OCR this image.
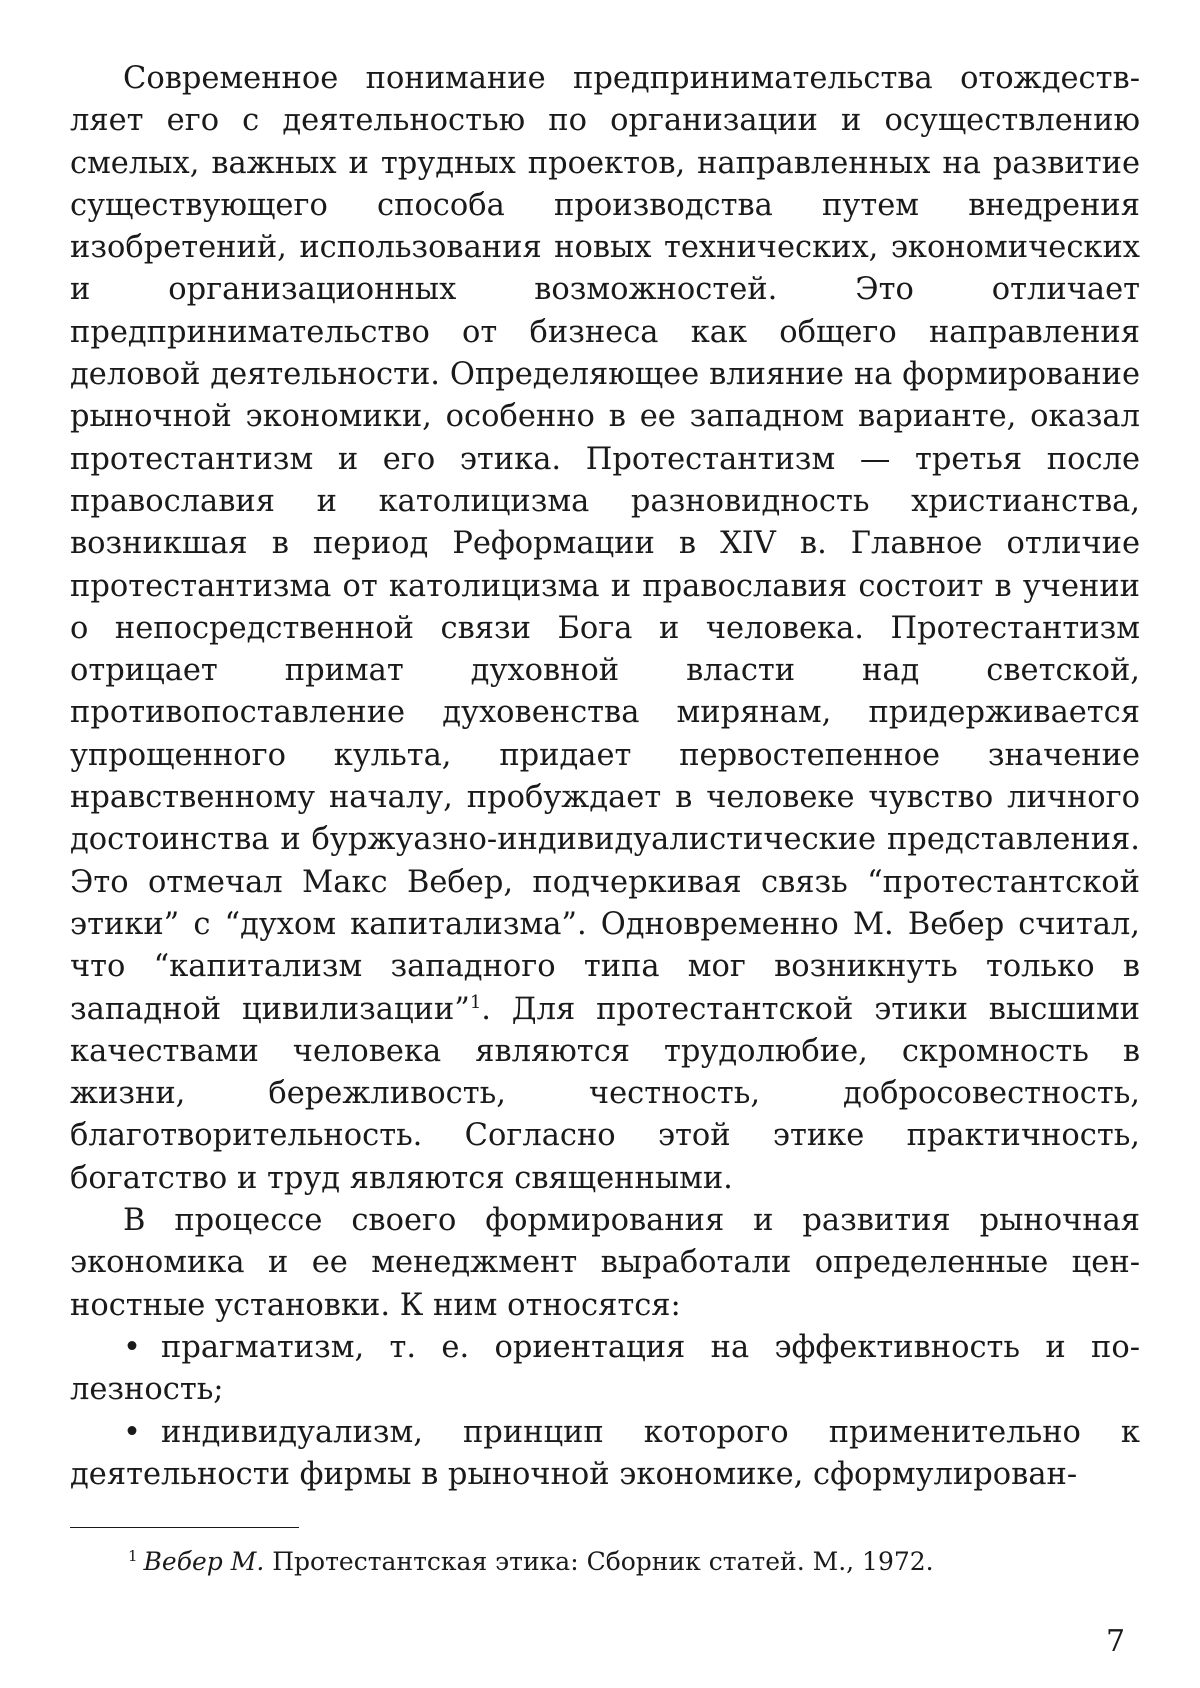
Современное понимание предпринимательства отождествляет его с деятельностью по организации и осуществлению смелых, важных и трудных проектов, направленных на развитие существующего способа производства путем внедрения изобретений, использования новых технических, экономических и организационных возможностей. Это отличает предпринимательство от бизнеса как общего направления деловой деятельности. Определяющее влияние на формирование рыночной экономики, особенно в ее западном варианте, оказал протестантизм и его этика. Протестантизм — третья после православия и католицизма разновидность христианства, возникшая в период Реформации в XIV в. Главное отличие протестантизма от католицизма и православия состоит в учении о непосредственной связи Бога и человека. Протестантизм отрицает примат духовной власти над светской, противопоставление духовенства мирянам, придерживается упрощенного культа, придает первостепенное значение нравственному началу, пробуждает в человеке чувство личного достоинства и буржуазно-индивидуалистические представления. Это отмечал Макс Вебер, подчеркивая связь “протестантской этики” с “духом капитализма”. Одновременно М. Вебер считал, что “капитализм западного типа мог возникнуть только в западной цивилизации”$^1$. Для протестантской этики высшими качествами человека являются трудолюбие, скромность в жизни, бережливость, честность, добросовестность, благотворительность. Согласно этой этике практичность, богатство и труд являются священными.

В процессе своего формирования и развития рыночная экономика и ее менеджмент выработали определенные ценностные установки. К ним относятся:

• прагматизм, т. е. ориентация на эффективность и полезность;
• индивидуализм, принцип которого применительно к деятельности фирмы в рыночной экономике, сформулирован-
$^1$ Вебер М. Протестантская этика: Сборник статей. М., 1972.
7
